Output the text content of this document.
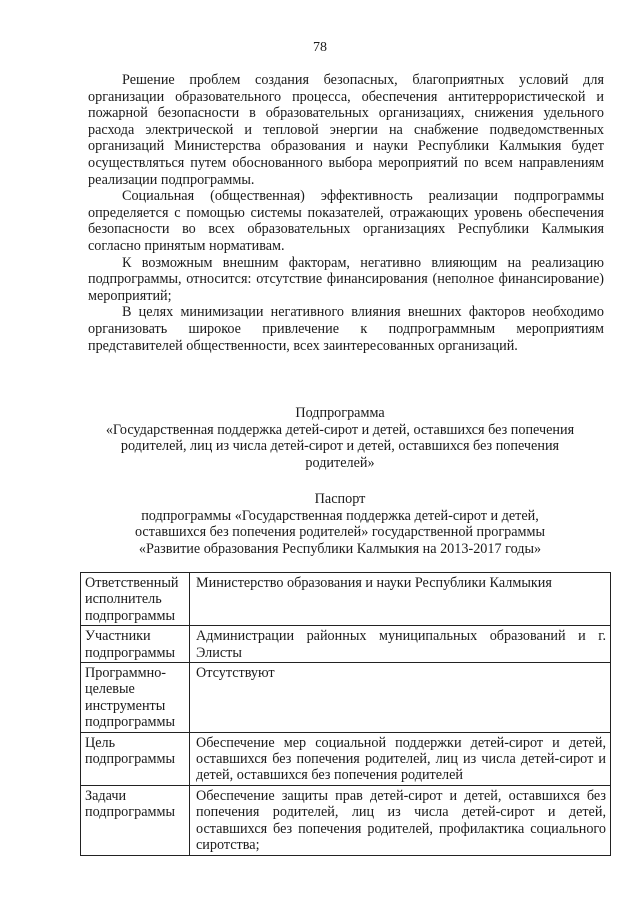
78

Решение проблем создания безопасных, благоприятных условий для организации образовательного процесса, обеспечения антитеррористической и пожарной безопасности в образовательных организациях, снижения удельного расхода электрической и тепловой энергии на снабжение подведомственных организаций Министерства образования и науки Республики Калмыкия будет осуществляться путем обоснованного выбора мероприятий по всем направлениям реализации подпрограммы.

Социальная (общественная) эффективность реализации подпрограммы определяется с помощью системы показателей, отражающих уровень обеспечения безопасности во всех образовательных организациях Республики Калмыкия согласно принятым нормативам.

К возможным внешним факторам, негативно влияющим на реализацию подпрограммы, относится: отсутствие финансирования (неполное финансирование) мероприятий;

В целях минимизации негативного влияния внешних факторов необходимо организовать широкое привлечение к подпрограммным мероприятиям представителей общественности, всех заинтересованных организаций.

Подпрограмма
«Государственная поддержка детей-сирот и детей, оставшихся без попечения
родителей, лиц из числа детей-сирот и детей, оставшихся без попечения
родителей»
Паспорт
подпрограммы «Государственная поддержка детей-сирот и детей,
оставшихся без попечения родителей» государственной программы
«Развитие образования Республики Калмыкия на 2013-2017 годы»
Ответственный исполнитель подпрограммы	Министерство образования и науки Республики Калмыкия
Участники подпрограммы	Администрации районных муниципальных образований и г. Элисты
Программно-целевые инструменты подпрограммы	Отсутствуют
Цель подпрограммы	Обеспечение мер социальной поддержки детей-сирот и детей, оставшихся без попечения родителей, лиц из числа детей-сирот и детей, оставшихся без попечения родителей
Задачи подпрограммы	Обеспечение защиты прав детей-сирот и детей, оставшихся без попечения родителей, лиц из числа детей-сирот и детей, оставшихся без попечения родителей, профилактика социального сиротства;
